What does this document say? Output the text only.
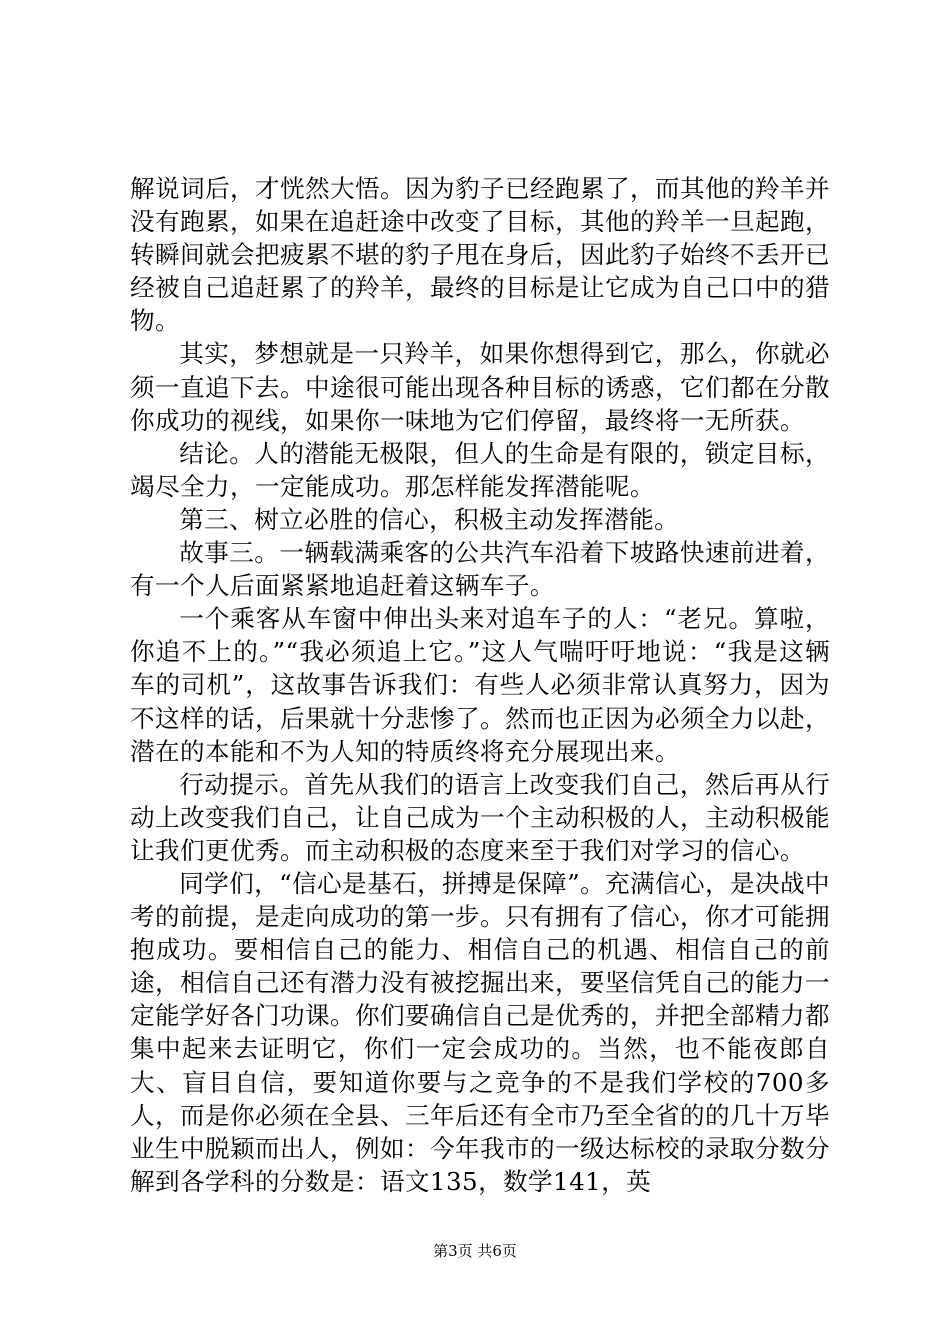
解说词后，才恍然大悟。因为豹子已经跑累了，而其他的羚羊并没有跑累，如果在追赶途中改变了目标，其他的羚羊一旦起跑，转瞬间就会把疲累不堪的豹子甩在身后，因此豹子始终不丢开已经被自己追赶累了的羚羊，最终的目标是让它成为自己口中的猎物。

其实，梦想就是一只羚羊，如果你想得到它，那么，你就必须一直追下去。中途很可能出现各种目标的诱惑，它们都在分散你成功的视线，如果你一味地为它们停留，最终将一无所获。

结论。人的潜能无极限，但人的生命是有限的，锁定目标，竭尽全力，一定能成功。那怎样能发挥潜能呢。

第三、树立必胜的信心，积极主动发挥潜能。

故事三。一辆载满乘客的公共汽车沿着下坡路快速前进着，有一个人后面紧紧地追赶着这辆车子。

一个乘客从车窗中伸出头来对追车子的人：“老兄。算啦，你追不上的。”“我必须追上它。”这人气喘吁吁地说：“我是这辆车的司机”，这故事告诉我们：有些人必须非常认真努力，因为不这样的话，后果就十分悲惨了。然而也正因为必须全力以赴，潜在的本能和不为人知的特质终将充分展现出来。

行动提示。首先从我们的语言上改变我们自己，然后再从行动上改变我们自己，让自己成为一个主动积极的人，主动积极能让我们更优秀。而主动积极的态度来至于我们对学习的信心。

同学们，“信心是基石，拼搏是保障”。充满信心，是决战中考的前提，是走向成功的第一步。只有拥有了信心，你才可能拥抱成功。要相信自己的能力、相信自己的机遇、相信自己的前途，相信自己还有潜力没有被挖掘出来，要坚信凭自己的能力一定能学好各门功课。你们要确信自己是优秀的，并把全部精力都集中起来去证明它，你们一定会成功的。当然，也不能夜郎自大、盲目自信，要知道你要与之竞争的不是我们学校的700多人，而是你必须在全县、三年后还有全市乃至全省的的几十万毕业生中脱颖而出人，例如：今年我市的一级达标校的录取分数分解到各学科的分数是：语文135，数学141，英

第3页 共6页
